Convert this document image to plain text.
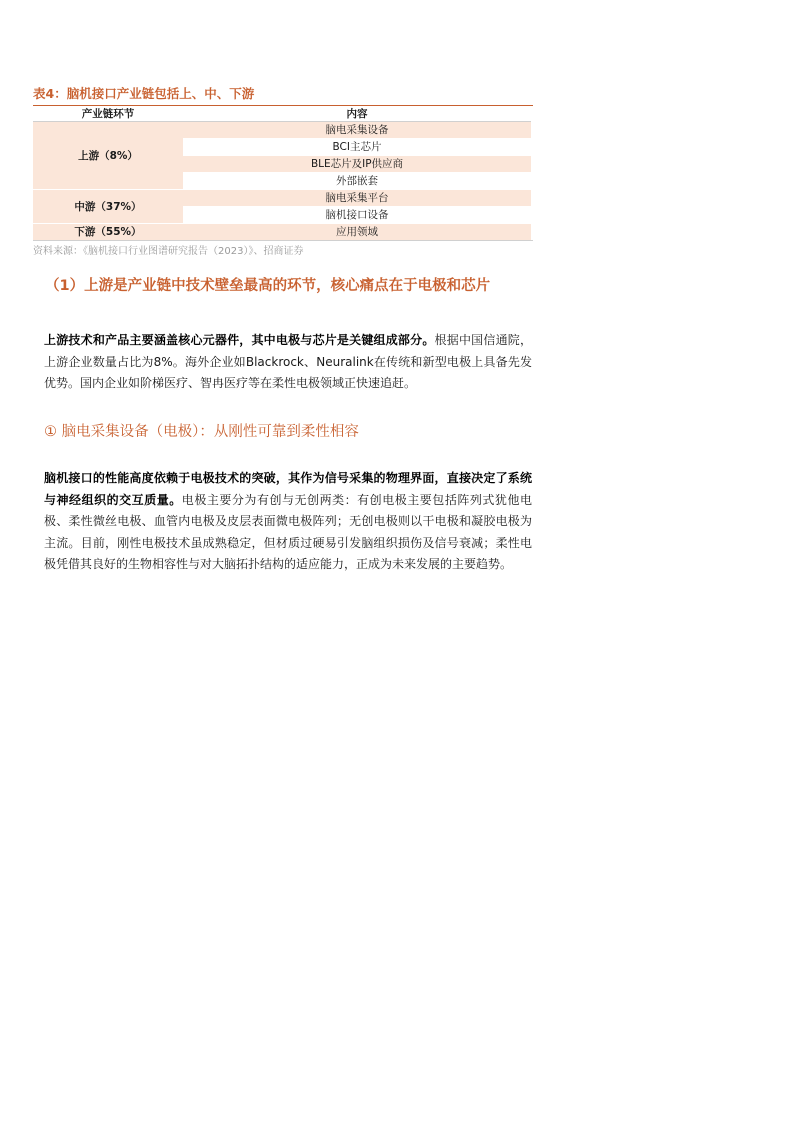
表4：脑机接口产业链包括上、中、下游
产业链环节	内容
上游（8%）	脑电采集设备
	BCI主芯片
	BLE芯片及IP供应商
	外部嵌套
中游（37%）	脑电采集平台
	脑机接口设备
下游（55%）	应用领域
资料来源：《脑机接口行业图谱研究报告（2023）》、招商证券
（1）上游是产业链中技术壁垒最高的环节，核心痛点在于电极和芯片

上游技术和产品主要涵盖核心元器件，其中电极与芯片是关键组成部分。根据中国信通院，上游企业数量占比为8%。海外企业如Blackrock、Neuralink在传统和新型电极上具备先发优势。国内企业如阶梯医疗、智冉医疗等在柔性电极领域正快速追赶。

① 脑电采集设备（电极）：从刚性可靠到柔性相容

脑机接口的性能高度依赖于电极技术的突破，其作为信号采集的物理界面，直接决定了系统与神经组织的交互质量。电极主要分为有创与无创两类：有创电极主要包括阵列式犹他电极、柔性微丝电极、血管内电极及皮层表面微电极阵列；无创电极则以干电极和凝胶电极为主流。目前，刚性电极技术虽成熟稳定，但材质过硬易引发脑组织损伤及信号衰减；柔性电极凭借其良好的生物相容性与对大脑拓扑结构的适应能力，正成为未来发展的主要趋势。
